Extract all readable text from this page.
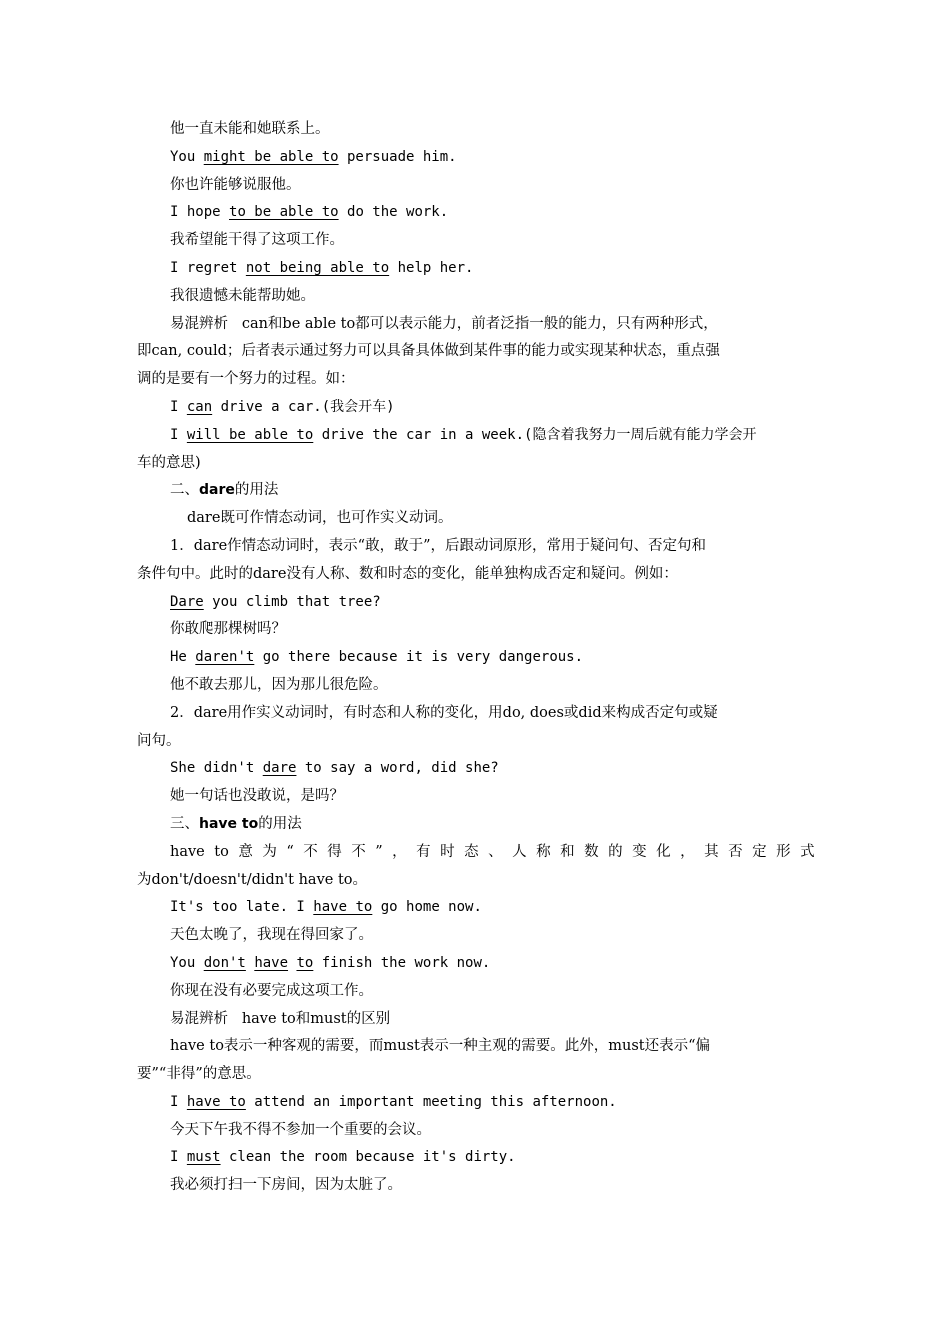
他一直未能和她联系上。
You might be able to persuade him.
你也许能够说服他。
I hope to be able to do the work.
我希望能干得了这项工作。
I regret not being able to help her.
我很遗憾未能帮助她。
易混辨析 can和be able to都可以表示能力，前者泛指一般的能力，只有两种形式，
即can, could；后者表示通过努力可以具备具体做到某件事的能力或实现某种状态，重点强
调的是要有一个努力的过程。如：
I can drive a car.(我会开车)
I will be able to drive the car in a week.(隐含着我努力一周后就有能力学会开
车的意思)
二、dare的用法
dare既可作情态动词，也可作实义动词。
1．dare作情态动词时，表示“敢，敢于”，后跟动词原形，常用于疑问句、否定句和
条件句中。此时的dare没有人称、数和时态的变化，能单独构成否定和疑问。例如：
Dare you climb that tree?
你敢爬那棵树吗？
He daren't go there because it is very dangerous.
他不敢去那儿，因为那儿很危险。
2．dare用作实义动词时，有时态和人称的变化，用do, does或did来构成否定句或疑
问句。
She didn't dare to say a word, did she?
她一句话也没敢说，是吗？
三、have to的用法
have to 意 为 “ 不 得 不 ” ， 有 时 态 、 人 称 和 数 的 变 化 ， 其 否 定 形 式
为don't/doesn't/didn't have to。
It's too late. I have to go home now.
天色太晚了，我现在得回家了。
You don't have to finish the work now.
你现在没有必要完成这项工作。
易混辨析 have to和must的区别
have to表示一种客观的需要，而must表示一种主观的需要。此外，must还表示“偏
要”“非得”的意思。
I have to attend an important meeting this afternoon.
今天下午我不得不参加一个重要的会议。
I must clean the room because it's dirty.
我必须打扫一下房间，因为太脏了。
